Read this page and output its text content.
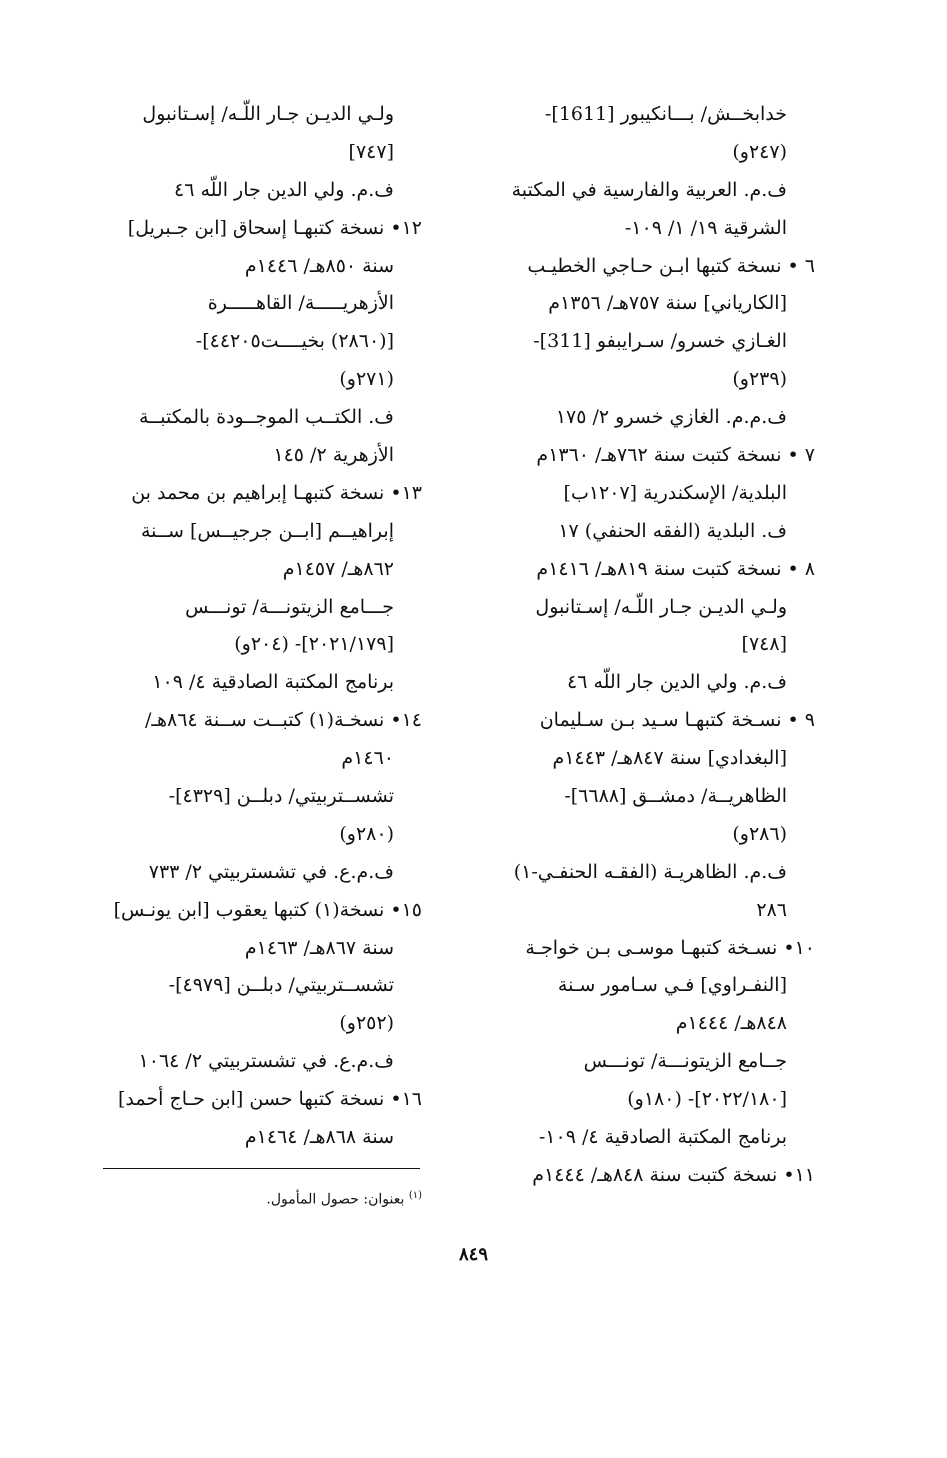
خدابخــش/ بـــانكيبور [1611]-
(٢٤٧و)
ف.م. العربية والفارسية في المكتبة
الشرقية ١٩/ ١/ ١٠٩-
٦ • نسخة كتبها ابـن حـاجي الخطيـب
[الكارياني] سنة ٧٥٧هـ/ ١٣٥٦م
الغـازي خسرو/ سـرايبفو [311]-
(٢٣٩و)
ف.م.م. الغازي خسرو ٢/ ١٧٥
٧ • نسخة كتبت سنة ٧٦٢هـ/ ١٣٦٠م
البلدية/ الإسكندرية [١٢٠٧ب]
ف. البلدية (الفقه الحنفي) ١٧
٨ • نسخة كتبت سنة ٨١٩هـ/ ١٤١٦م
ولـي الديـن جـار اللّـه/ إسـتانبول
[٧٤٨]
ف.م. ولي الدين جار اللّه ٤٦
٩ • نسـخة كتبهـا سـيد بـن سـليمان
[البغدادي] سنة ٨٤٧هـ/ ١٤٤٣م
الظاهريــة/ دمشــق [٦٦٨٨]-
(٢٨٦و)
ف.م. الظاهريـة (الفقـه الحنفـي-١)
٢٨٦
١٠• نسـخة كتبهـا موسـى بـن خواجـة
[النفـراوي] فـي سـامور سـنة
٨٤٨هـ/ ١٤٤٤م
جــامع الزيتونـــة/ تونـــس
[٢٠٢٢/١٨٠]- (١٨٠و)
برنامج المكتبة الصادقية ٤/ ١٠٩-
١١• نسخة كتبت سنة ٨٤٨هـ/ ١٤٤٤م
ولـي الديـن جـار اللّـه/ إسـتانبول
[٧٤٧]
ف.م. ولي الدين جار اللّه ٤٦
١٢• نسخة كتبهـا إسحاق [ابن جـبريل]
سنة ٨٥٠هـ/ ١٤٤٦م
الأزهريـــــة/ القاهـــــرة
[(٢٨٦٠) بخيــــت٤٤٢٠٥]-
(٢٧١و)
ف. الكتــب الموجــودة بالمكتبــة
الأزهرية ٢/ ١٤٥
١٣• نسخة كتبهـا إبراهيم بن محمد بن
إبراهيــم [ابــن جرجيــس] ســنة
٨٦٢هـ/ ١٤٥٧م
جـــامع الزيتونـــة/ تونـــس
[٢٠٢١/١٧٩]- (٢٠٤و)
برنامج المكتبة الصادقية ٤/ ١٠٩
١٤• نسخـة(١) كتبــت ســنة ٨٦٤هـ/
١٤٦٠م
تشســتربيتي/ دبلــن [٤٣٢٩]-
(٢٨٠و)
ف.م.ع. في تشستربيتي ٢/ ٧٣٣
١٥• نسخة(١) كتبها يعقوب [ابن يونـس]
سنة ٨٦٧هـ/ ١٤٦٣م
تشســتربيتي/ دبلــن [٤٩٧٩]-
(٢٥٢و)
ف.م.ع. في تشستربيتي ٢/ ١٠٦٤
١٦• نسخة كتبها حسن [ابن حـاج أحمد]
سنة ٨٦٨هـ/ ١٤٦٤م
$^{(١)}$ بعنوان: حصول المأمول.
٨٤٩
